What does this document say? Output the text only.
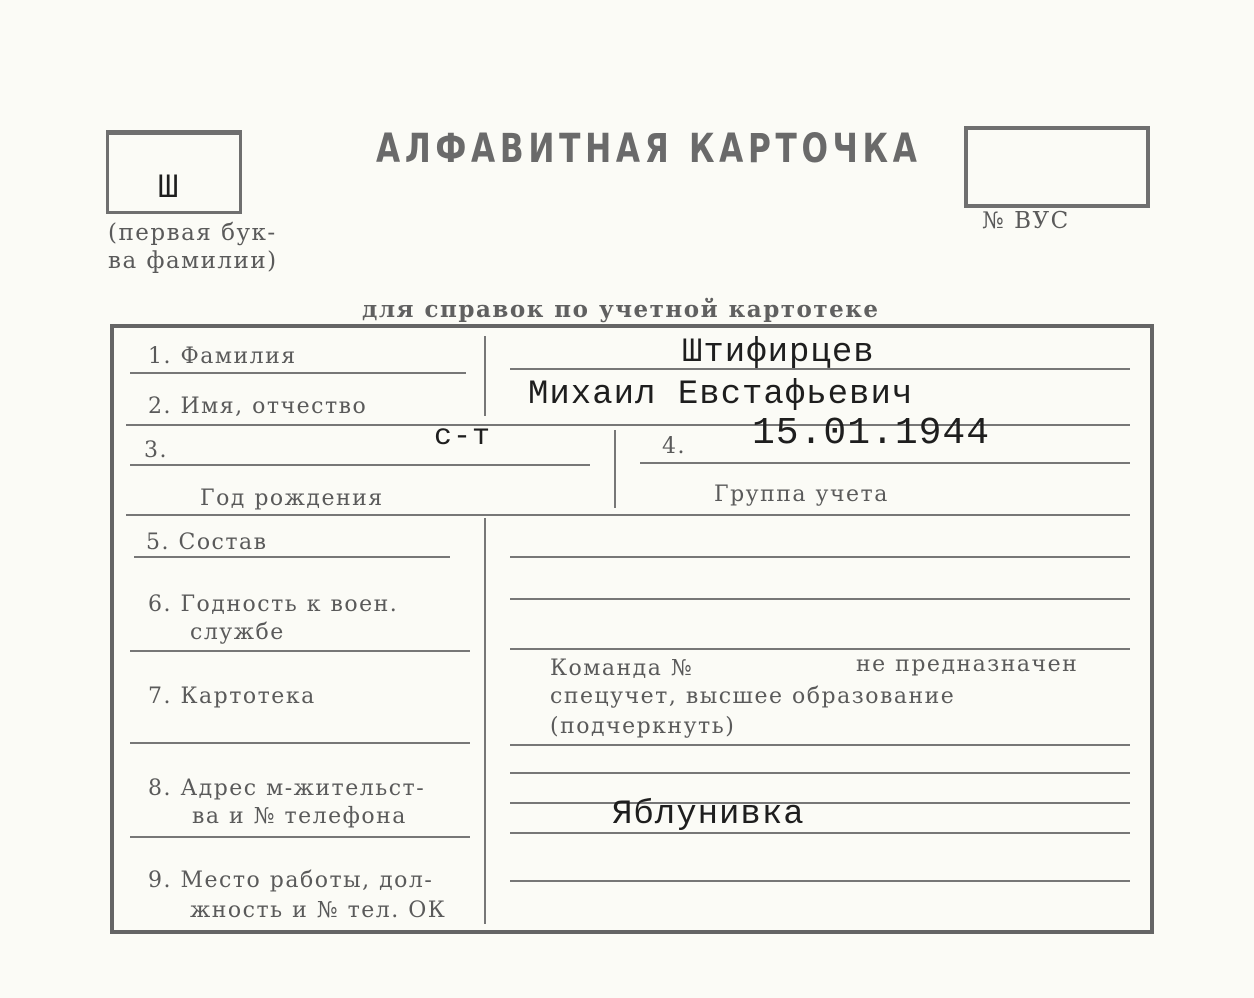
Ш
(первая бук-
ва фамилии)
АЛФАВИТНАЯ КАРТОЧКА
№ ВУС
для справок по учетной картотеке
1. Фамилия	Штифирцев
2. Имя, отчество	Михаил Евстафьевич
3.	с-т
Год рождения
4. 15.01.1944
Группа учета
5. Состав
6. Годность к воен.
службе
7. Картотека
Команда №	не предназначен
спецучет, высшее образование
(подчеркнуть)
8. Адрес м-жительст-
ва и № телефона	Яблунивка
9. Место работы, дол-
жность и № тел. ОК
